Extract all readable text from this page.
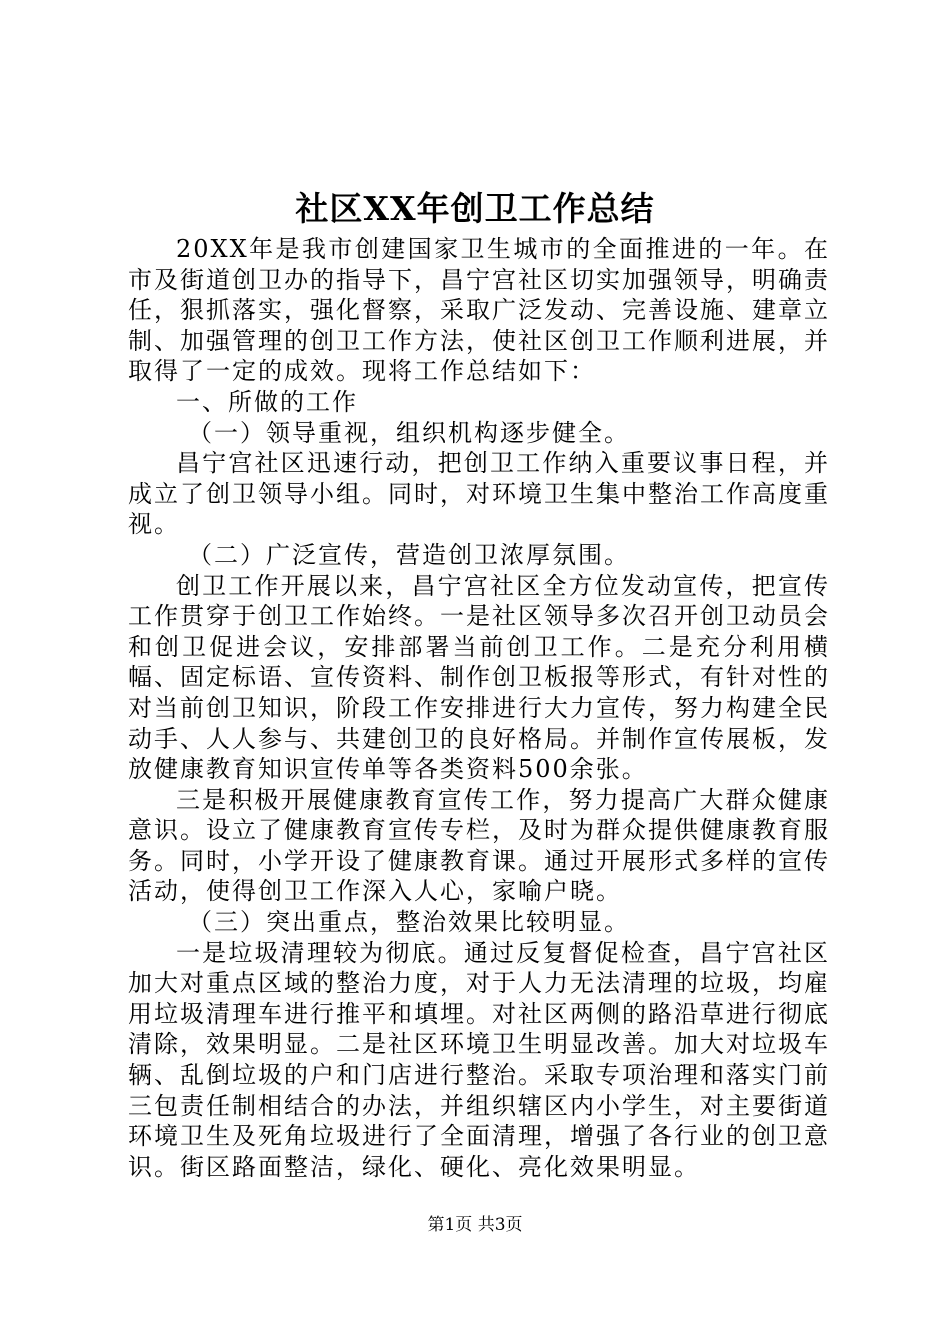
社区XX年创卫工作总结

20XX年是我市创建国家卫生城市的全面推进的一年。在市及街道创卫办的指导下，昌宁宫社区切实加强领导，明确责任，狠抓落实，强化督察，采取广泛发动、完善设施、建章立制、加强管理的创卫工作方法，使社区创卫工作顺利进展，并取得了一定的成效。现将工作总结如下：

一、所做的工作

（一）领导重视，组织机构逐步健全。

昌宁宫社区迅速行动，把创卫工作纳入重要议事日程，并成立了创卫领导小组。同时，对环境卫生集中整治工作高度重视。

（二）广泛宣传，营造创卫浓厚氛围。

创卫工作开展以来，昌宁宫社区全方位发动宣传，把宣传工作贯穿于创卫工作始终。一是社区领导多次召开创卫动员会和创卫促进会议，安排部署当前创卫工作。二是充分利用横幅、固定标语、宣传资料、制作创卫板报等形式，有针对性的对当前创卫知识，阶段工作安排进行大力宣传，努力构建全民动手、人人参与、共建创卫的良好格局。并制作宣传展板，发放健康教育知识宣传单等各类资料500余张。

三是积极开展健康教育宣传工作，努力提高广大群众健康意识。设立了健康教育宣传专栏，及时为群众提供健康教育服务。同时，小学开设了健康教育课。通过开展形式多样的宣传活动，使得创卫工作深入人心，家喻户晓。

（三）突出重点，整治效果比较明显。

一是垃圾清理较为彻底。通过反复督促检查，昌宁宫社区加大对重点区域的整治力度，对于人力无法清理的垃圾，均雇用垃圾清理车进行推平和填埋。对社区两侧的路沿草进行彻底清除，效果明显。二是社区环境卫生明显改善。加大对垃圾车辆、乱倒垃圾的户和门店进行整治。采取专项治理和落实门前三包责任制相结合的办法，并组织辖区内小学生，对主要街道环境卫生及死角垃圾进行了全面清理，增强了各行业的创卫意识。街区路面整洁，绿化、硬化、亮化效果明显。

第1页 共3页
